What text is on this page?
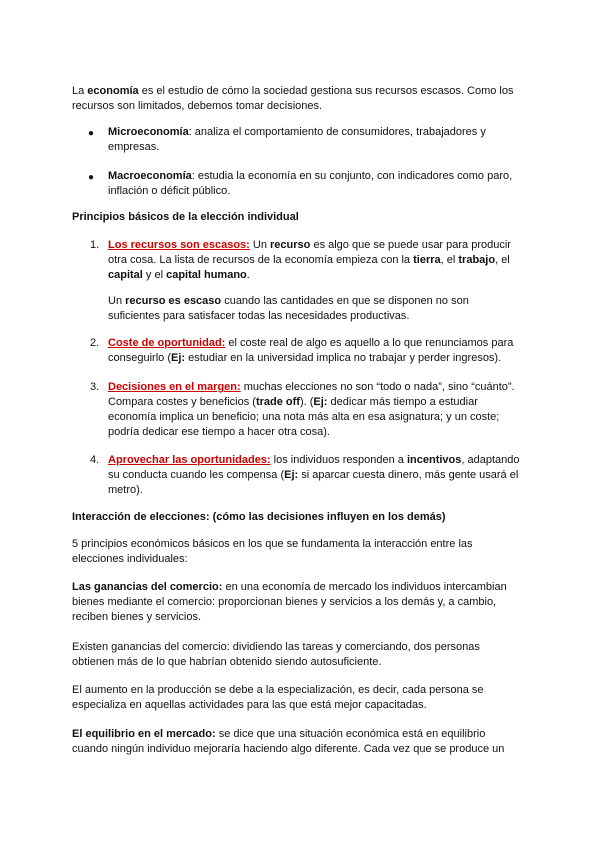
La economía es el estudio de cómo la sociedad gestiona sus recursos escasos. Como los recursos son limitados, debemos tomar decisiones.

● Microeconomía: analiza el comportamiento de consumidores, trabajadores y empresas.

● Macroeconomía: estudia la economía en su conjunto, con indicadores como paro, inflación o déficit público.

Principios básicos de la elección individual

1. Los recursos son escasos: Un recurso es algo que se puede usar para producir otra cosa. La lista de recursos de la economía empieza con la tierra, el trabajo, el capital y el capital humano.

Un recurso es escaso cuando las cantidades en que se disponen no son suficientes para satisfacer todas las necesidades productivas.

2. Coste de oportunidad: el coste real de algo es aquello a lo que renunciamos para conseguirlo (Ej: estudiar en la universidad implica no trabajar y perder ingresos).

3. Decisiones en el margen: muchas elecciones no son “todo o nada”, sino “cuánto”. Compara costes y beneficios (trade off). (Ej: dedicar más tiempo a estudiar economía implica un beneficio; una nota más alta en esa asignatura; y un coste; podría dedicar ese tiempo a hacer otra cosa).

4. Aprovechar las oportunidades: los individuos responden a incentivos, adaptando su conducta cuando les compensa (Ej: si aparcar cuesta dinero, más gente usará el metro).

Interacción de elecciones: (cómo las decisiones influyen en los demás)

5 principios económicos básicos en los que se fundamenta la interacción entre las elecciones individuales:

Las ganancias del comercio: en una economía de mercado los individuos intercambian bienes mediante el comercio: proporcionan bienes y servicios a los demás y, a cambio, reciben bienes y servicios.

Existen ganancias del comercio: dividiendo las tareas y comerciando, dos personas obtienen más de lo que habrían obtenido siendo autosuficiente.

El aumento en la producción se debe a la especialización, es decir, cada persona se especializa en aquellas actividades para las que está mejor capacitadas.

El equilibrio en el mercado: se dice que una situación económica está en equilibrio cuando ningún individuo mejoraría haciendo algo diferente. Cada vez que se produce un
